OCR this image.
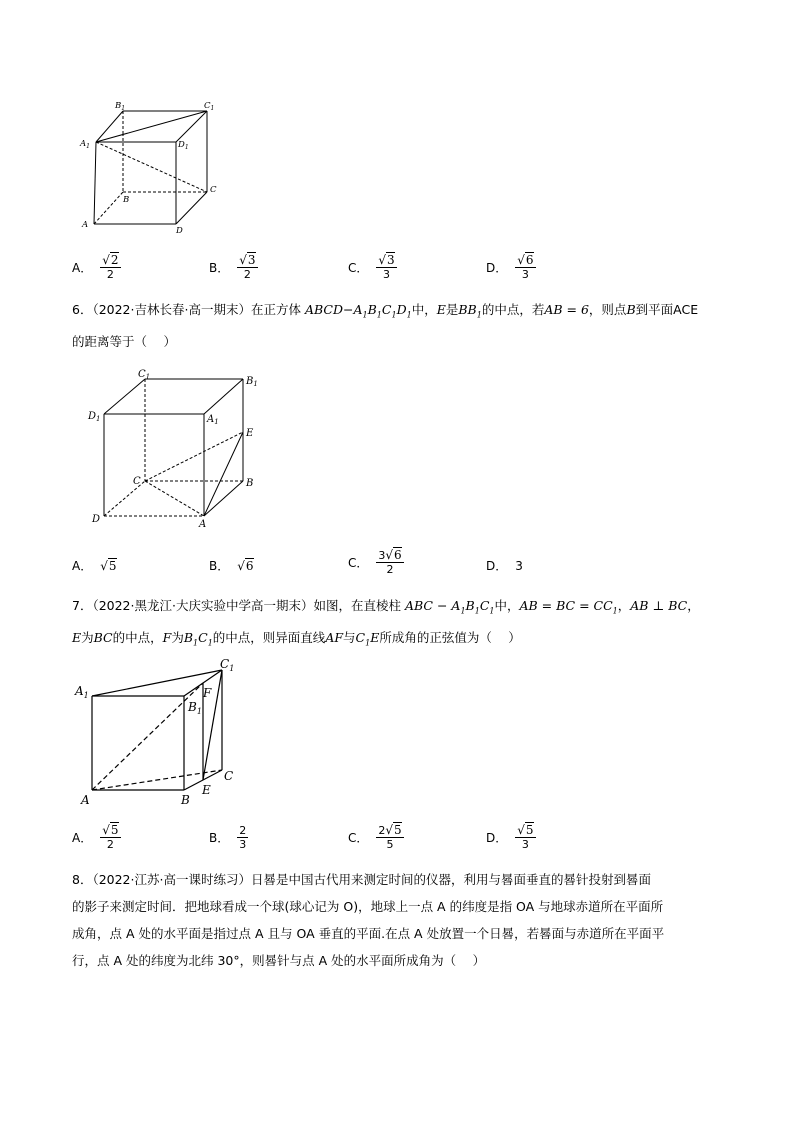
$B_1$	$C_1$
$A_1$	$D_1$
C
B
A
D
A． $\frac{√2}{2}$	B． $\frac{√3}{2}$	C． $\frac{√3}{3}$	D． $\frac{√6}{3}$
6．（2022·吉林长春·高一期末）在正方体 $ABCD-A_1B_1C_1D_1$中，E是$BB_1$的中点，若AB = 6，则点B到平面ACE
的距离等于（　 ）
$C_1$	$B_1$
$D_1$	$A_1$
E
C	B
D	A
A． √5	B． √6	C． $\frac{3√6}{2}$	D． 3
7．（2022·黑龙江·大庆实验中学高一期末）如图，在直棱柱 ABC − $A_1B_1C_1$中，AB = BC = $CC_1$，AB ⊥ BC，
E为BC的中点，F为$B_1C_1$的中点，则异面直线AF与$C_1E$所成角的正弦值为（　 ）
$C_1$
$A_1$	F
$B_1$
C
A	B
E
A． $\frac{√5}{2}$	B． $\frac{2}{3}$	C． $\frac{2√5}{5}$	D． $\frac{√5}{3}$
8．（2022·江苏·高一课时练习）日晷是中国古代用来测定时间的仪器，利用与晷面垂直的晷针投射到晷面
的影子来测定时间．把地球看成一个球(球心记为 O)，地球上一点 A 的纬度是指 OA 与地球赤道所在平面所
成角，点 A 处的水平面是指过点 A 且与 OA 垂直的平面.在点 A 处放置一个日晷，若晷面与赤道所在平面平
行，点 A 处的纬度为北纬 30°，则晷针与点 A 处的水平面所成角为（　 ）
